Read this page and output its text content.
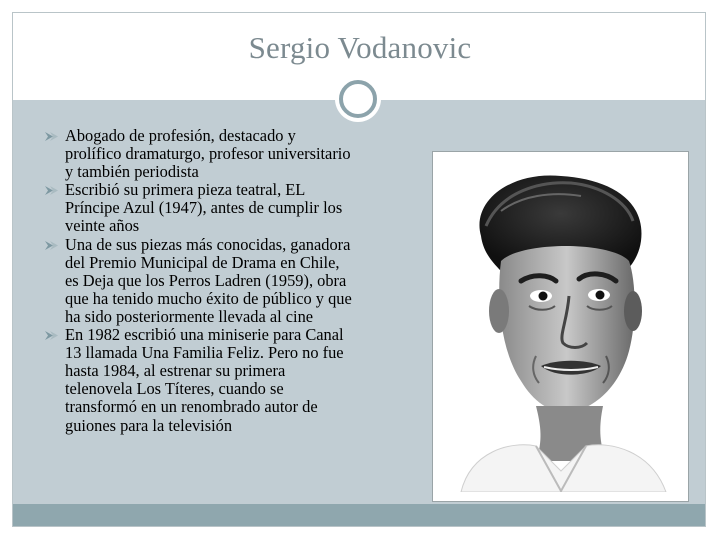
Sergio Vodanovic
Abogado de profesión, destacado y prolífico dramaturgo, profesor universitario y también periodista
Escribió su primera pieza teatral, EL Príncipe Azul (1947), antes de cumplir los veinte años
Una de sus piezas más conocidas, ganadora del Premio Municipal de Drama en Chile, es Deja que los Perros Ladren (1959), obra que ha tenido mucho éxito de público y que ha sido posteriormente llevada al cine
En 1982 escribió una miniserie para Canal 13 llamada Una Familia Feliz. Pero no fue hasta 1984, al estrenar su primera telenovela Los Títeres, cuando se transformó en un renombrado autor de guiones para la televisión
